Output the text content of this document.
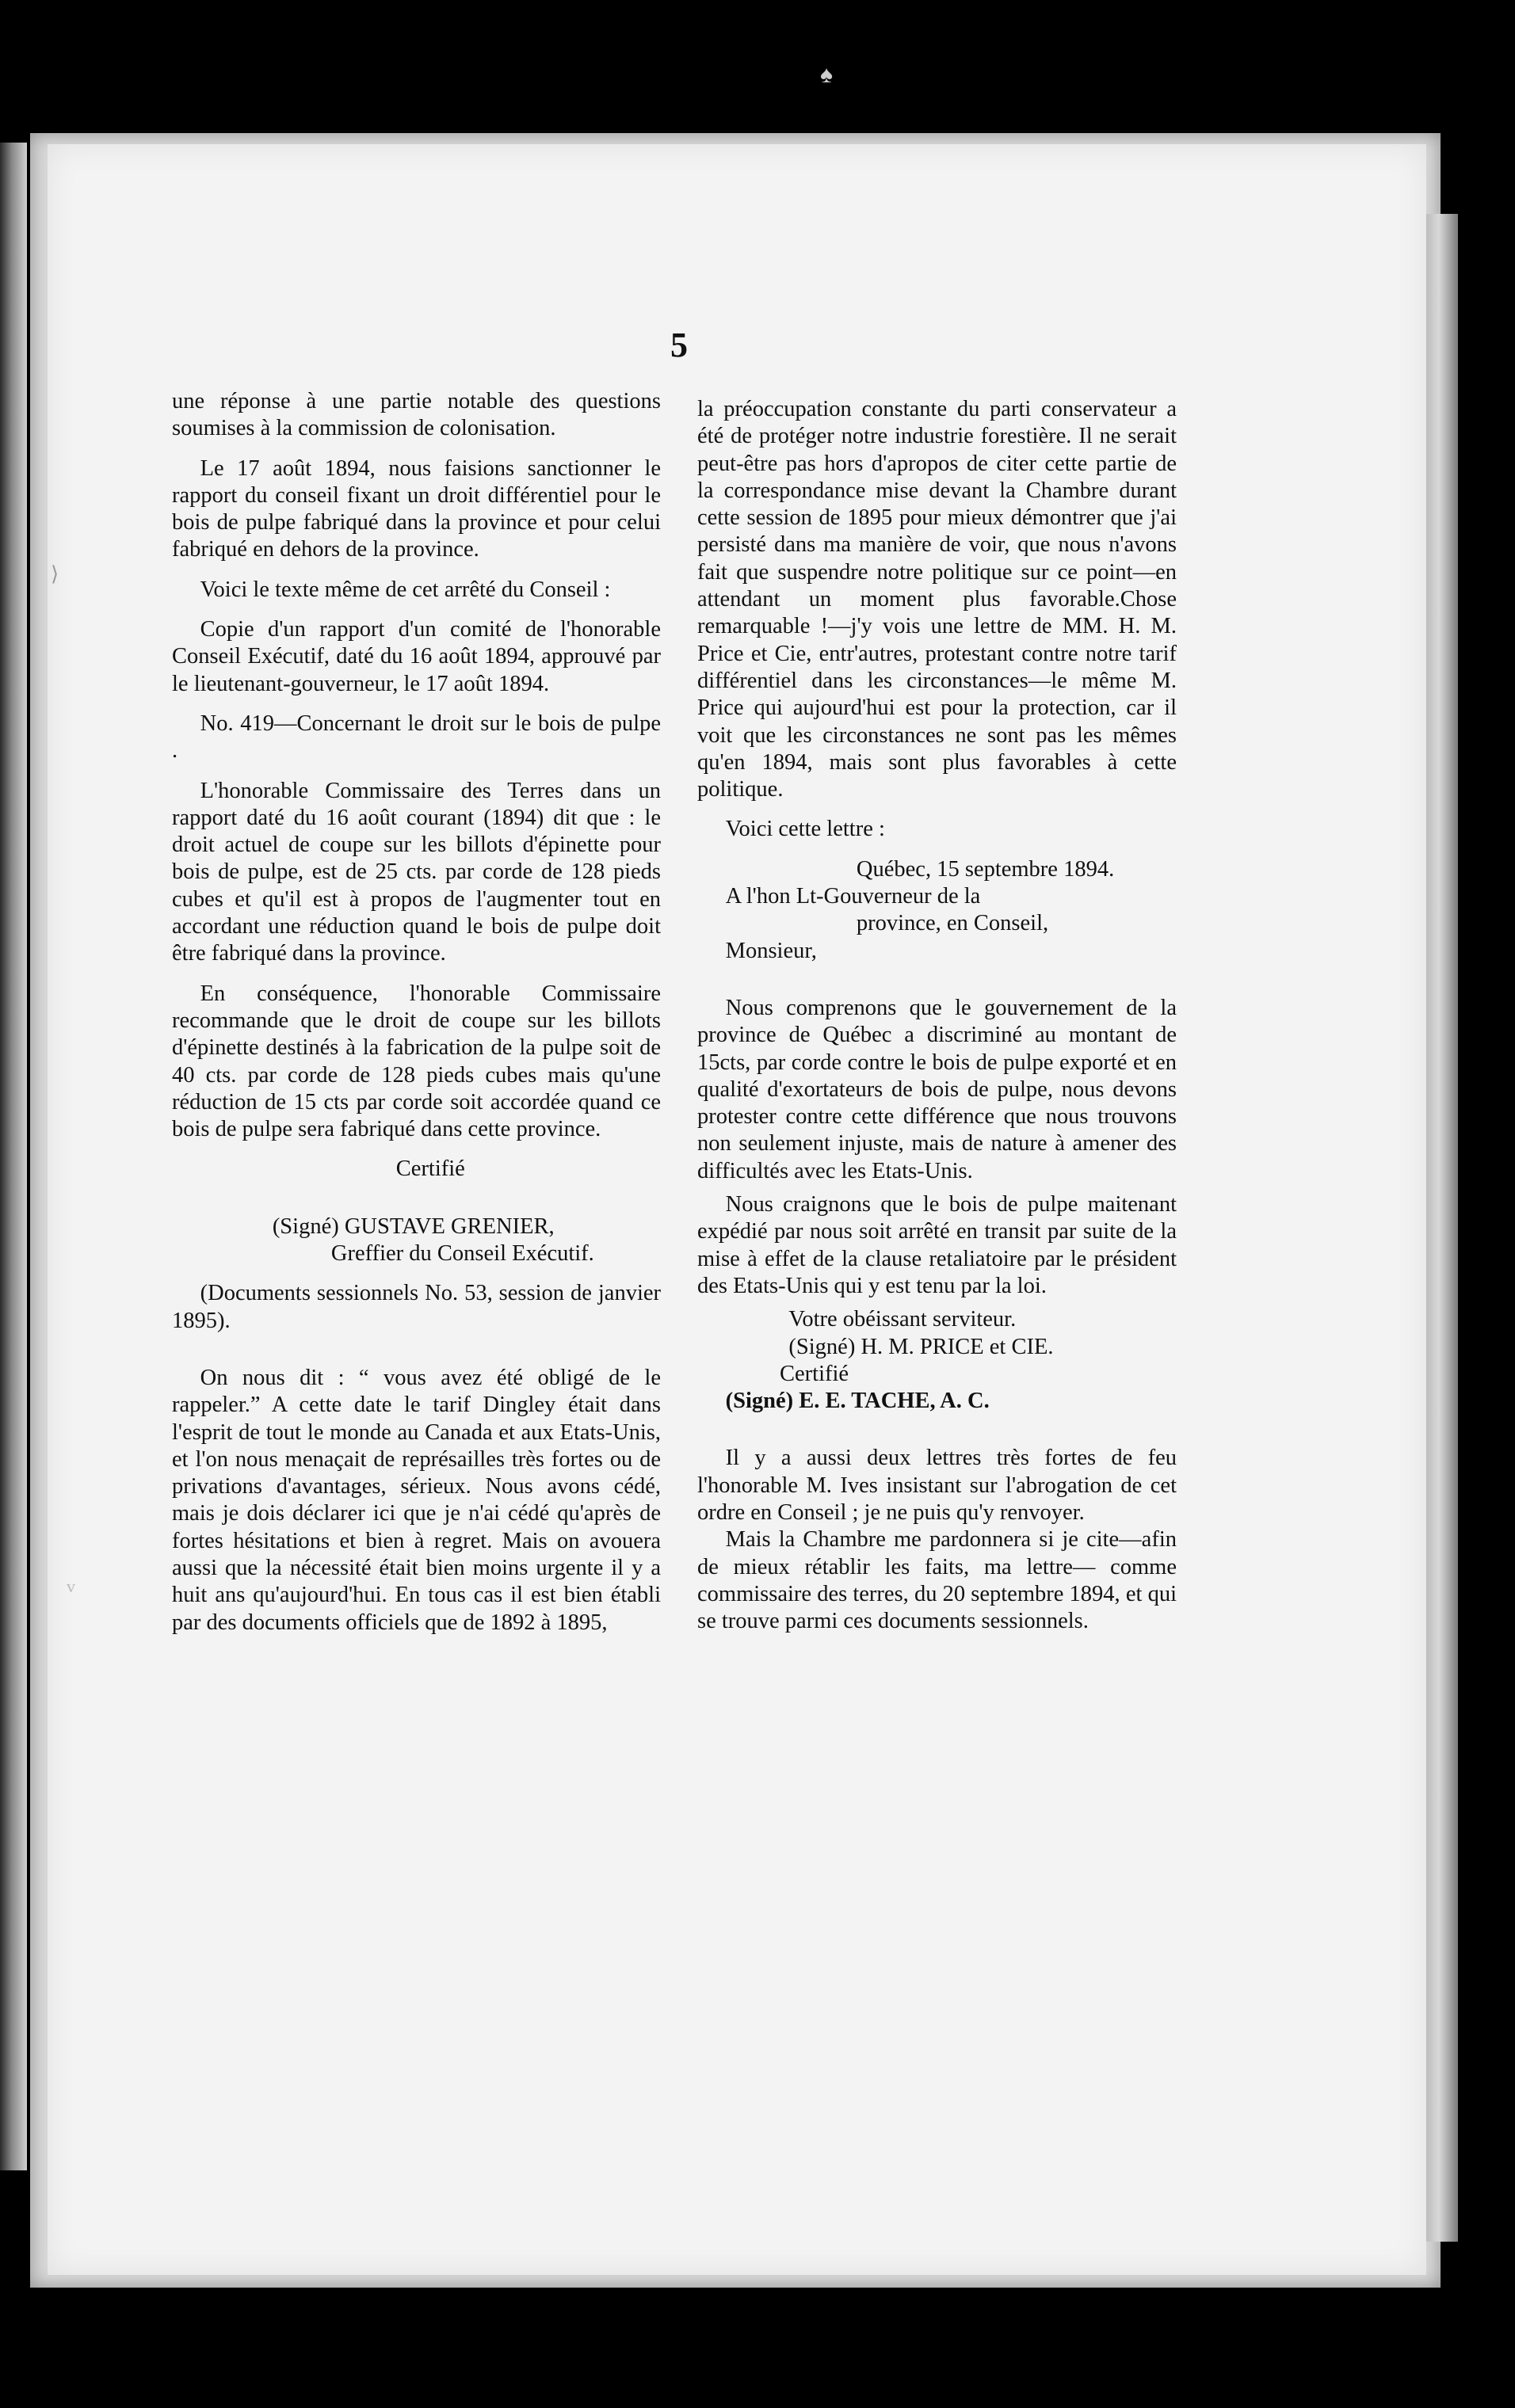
5

une réponse à une partie notable des questions soumises à la commission de colonisation.

Le 17 août 1894, nous faisions sanctionner le rapport du conseil fixant un droit différentiel pour le bois de pulpe fabriqué dans la province et pour celui fabriqué en dehors de la province.

Voici le texte même de cet arrêté du Conseil :

Copie d'un rapport d'un comité de l'honorable Conseil Exécutif, daté du 16 août 1894, approuvé par le lieutenant-gouverneur, le 17 août 1894.

No. 419—Concernant le droit sur le bois de pulpe .

L'honorable Commissaire des Terres dans un rapport daté du 16 août courant (1894) dit que : le droit actuel de coupe sur les billots d'épinette pour bois de pulpe, est de 25 cts. par corde de 128 pieds cubes et qu'il est à propos de l'augmenter tout en accordant une réduction quand le bois de pulpe doit être fabriqué dans la province.

En conséquence, l'honorable Commissaire recommande que le droit de coupe sur les billots d'épinette destinés à la fabrication de la pulpe soit de 40 cts. par corde de 128 pieds cubes mais qu'une réduction de 15 cts par corde soit accordée quand ce bois de pulpe sera fabriqué dans cette province.

Certifié

(Signé) GUSTAVE GRENIER,

Greffier du Conseil Exécutif.

(Documents sessionnels No. 53, session de janvier 1895).

On nous dit : “ vous avez été obligé de le rappeler.” A cette date le tarif Dingley était dans l'esprit de tout le monde au Canada et aux Etats-Unis, et l'on nous menaçait de représailles très fortes ou de privations d'avantages, sérieux. Nous avons cédé, mais je dois déclarer ici que je n'ai cédé qu'après de fortes hésitations et bien à regret. Mais on avouera aussi que la nécessité était bien moins urgente il y a huit ans qu'aujourd'hui. En tous cas il est bien établi par des documents officiels que de 1892 à 1895,

la préoccupation constante du parti conservateur a été de protéger notre industrie forestière. Il ne serait peut-être pas hors d'apropos de citer cette partie de la correspondance mise devant la Chambre durant cette session de 1895 pour mieux démontrer que j'ai persisté dans ma manière de voir, que nous n'avons fait que suspendre notre politique sur ce point—en attendant un moment plus favorable.Chose remarquable !—j'y vois une lettre de MM. H. M. Price et Cie, entr'autres, protestant contre notre tarif différentiel dans les circonstances—le même M. Price qui aujourd'hui est pour la protection, car il voit que les circonstances ne sont pas les mêmes qu'en 1894, mais sont plus favorables à cette politique.

Voici cette lettre :

Québec, 15 septembre 1894.

A l'hon Lt-Gouverneur de la

province, en Conseil,

Monsieur,

Nous comprenons que le gouvernement de la province de Québec a discriminé au montant de 15cts, par corde contre le bois de pulpe exporté et en qualité d'exortateurs de bois de pulpe, nous devons protester contre cette différence que nous trouvons non seulement injuste, mais de nature à amener des difficultés avec les Etats-Unis.

Nous craignons que le bois de pulpe maitenant expédié par nous soit arrêté en transit par suite de la mise à effet de la clause retaliatoire par le président des Etats-Unis qui y est tenu par la loi.

Votre obéissant serviteur.

(Signé) H. M. PRICE et CIE.

Certifié

(Signé) E. E. TACHE, A. C.

Il y a aussi deux lettres très fortes de feu l'honorable M. Ives insistant sur l'abrogation de cet ordre en Conseil ; je ne puis qu'y renvoyer.

Mais la Chambre me pardonnera si je cite—afin de mieux rétablir les faits, ma lettre— comme commissaire des terres, du 20 septembre 1894, et qui se trouve parmi ces documents sessionnels.

♠
⟩
v
